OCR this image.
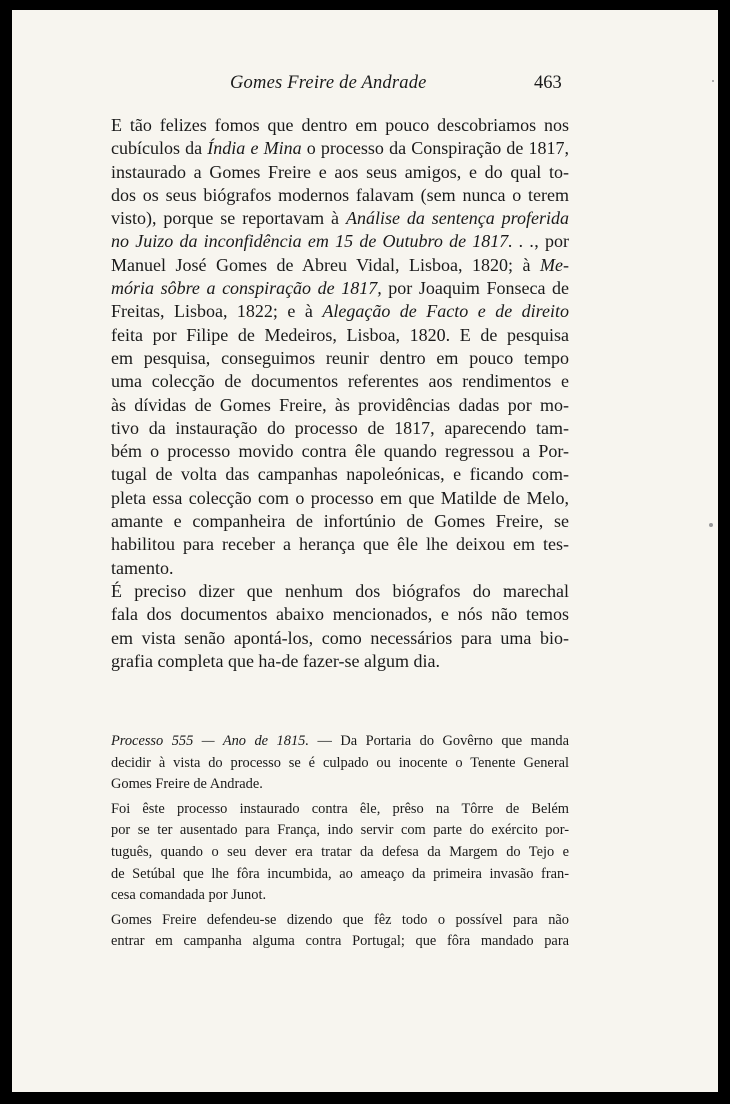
Gomes Freire de Andrade	463
E tão felizes fomos que dentro em pouco descobriamos nos
cubículos da Índia e Mina o processo da Conspiração de 1817,
instaurado a Gomes Freire e aos seus amigos, e do qual to-
dos os seus biógrafos modernos falavam (sem nunca o terem
visto), porque se reportavam à Análise da sentença proferida
no Juizo da inconfidência em 15 de Outubro de 1817. . ., por
Manuel José Gomes de Abreu Vidal, Lisboa, 1820; à Me-
mória sôbre a conspiração de 1817, por Joaquim Fonseca de
Freitas, Lisboa, 1822; e à Alegação de Facto e de direito
feita por Filipe de Medeiros, Lisboa, 1820. E de pesquisa
em pesquisa, conseguimos reunir dentro em pouco tempo
uma colecção de documentos referentes aos rendimentos e
às dívidas de Gomes Freire, às providências dadas por mo-
tivo da instauração do processo de 1817, aparecendo tam-
bém o processo movido contra êle quando regressou a Por-
tugal de volta das campanhas napoleónicas, e ficando com-
pleta essa colecção com o processo em que Matilde de Melo,
amante e companheira de infortúnio de Gomes Freire, se
habilitou para receber a herança que êle lhe deixou em tes-
tamento.
É preciso dizer que nenhum dos biógrafos do marechal
fala dos documentos abaixo mencionados, e nós não temos
em vista senão apontá-los, como necessários para uma bio-
grafia completa que ha-de fazer-se algum dia.
Processo 555 — Ano de 1815. — Da Portaria do Govêrno que manda
decidir à vista do processo se é culpado ou inocente o Tenente General
Gomes Freire de Andrade.
Foi êste processo instaurado contra êle, prêso na Tôrre de Belém
por se ter ausentado para França, indo servir com parte do exército por-
tuguês, quando o seu dever era tratar da defesa da Margem do Tejo e
de Setúbal que lhe fôra incumbida, ao ameaço da primeira invasão fran-
cesa comandada por Junot.
Gomes Freire defendeu-se dizendo que fêz todo o possível para não
entrar em campanha alguma contra Portugal; que fôra mandado para
